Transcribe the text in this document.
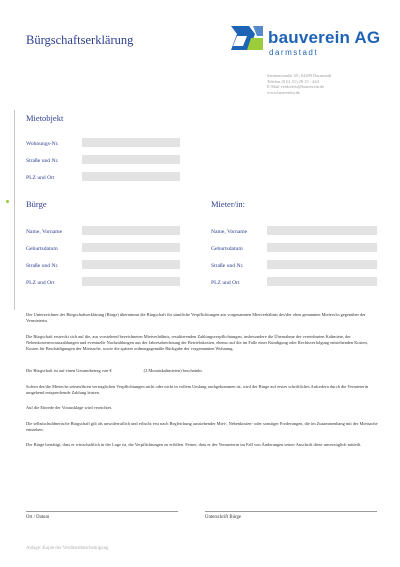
Bürgschaftserklärung	bauverein AG
darmstadt
Siemensstraße 20 | 64289 Darmstadt
Telefon (0 61 51) 28 15 - 444
E-Mail verdorfen@bauverein.de
www.bauverein.de
Mietobjekt
Wohnungs-Nr.
Straße und Nr.
PLZ und Ort
Bürge
Name, Vorname
Geburtsdatum
Straße und Nr.
PLZ und Ort
Mieter/in:
Name, Vorname
Geburtsdatum
Straße und Nr.
PLZ und Ort

Der Unterzeichner der Bürgschaftserklärung (Bürge) übernimmt die Bürgschaft für sämtliche Verpflichtungen aus vorgenannten Mietverhältnis des/der oben genannten Mieters/in gegenüber der Vermieterin.

Die Bürgschaft erstreckt sich auf die, aus vorstehend bezeichneten Mietverhältnis, resultierenden Zahlungsverpflichtungen, insbesondere die Übernahme der vereinbarten Kaltmiete, der Nebenkostenvorauszahlungen und eventuelle Nachzahlungen aus der Jahresabrechnung der Betriebskosten, ebenso auf die im Falle einer Kündigung oder Rechtsverfolgung entstehenden Kosten, Kosten für Beschädigungen der Mietsache, sowie die spätere ordnungsgemäße Rückgabe der vorgenannten Wohnung.

Die Bürgschaft ist auf einen Gesamtbetrag von €	(3 Monatskaltmieten) beschränkt.

Sofern der/die Mieter/in seinen/ihren vertraglichen Verpflichtungen nicht oder nicht in vollem Umfang nachgekommen ist, wird der Bürge auf erstes schriftliches Anfordern durch die Vermieterin umgehend entsprechende Zahlung leisten.

Auf die Einrede der Vorausklage wird verzichtet.

Die selbstschuldnerische Bürgschaft gilt als unwiderruflich und erlischt erst nach Begleichung ausstehender Miet-, Nebenkosten- oder sonstiger Forderungen, die im Zusammenhang mit der Mietsache entstehen.

Der Bürge bestätigt, dass er wirtschaftlich in der Lage ist, die Verpflichtungen zu erfüllen. Ferner, dass er der Vermieterin im Fall von Änderungen seiner Anschrift diese unverzüglich mitteilt.

Ort / Datum	Unterschrift Bürge
Anlage: Kopie der Verdienstbescheinigung
